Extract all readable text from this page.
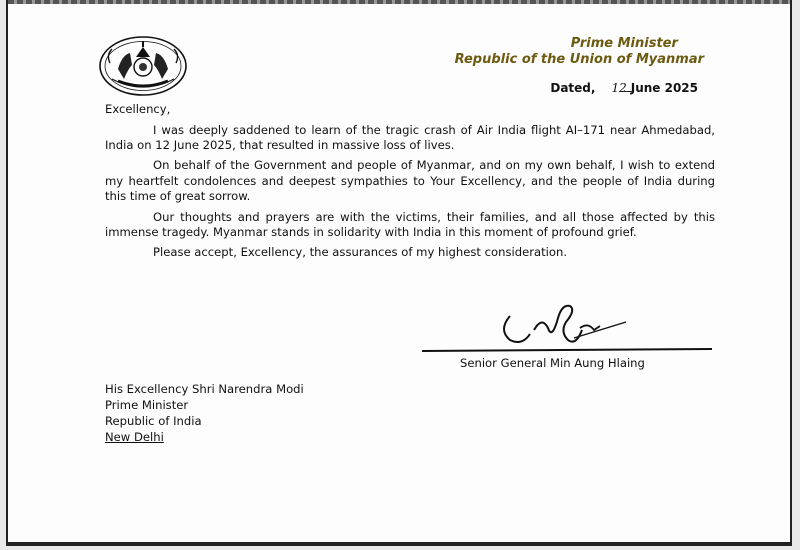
Prime Minister
Republic of the Union of Myanmar
Dated, 12 June 2025

Excellency,

I was deeply saddened to learn of the tragic crash of Air India flight AI–171 near Ahmedabad, India on 12 June 2025, that resulted in massive loss of lives.

On behalf of the Government and people of Myanmar, and on my own behalf, I wish to extend my heartfelt condolences and deepest sympathies to Your Excellency, and the people of India during this time of great sorrow.

Our thoughts and prayers are with the victims, their families, and all those affected by this immense tragedy. Myanmar stands in solidarity with India in this moment of profound grief.

Please accept, Excellency, the assurances of my highest consideration.

Senior General Min Aung Hlaing
His Excellency Shri Narendra Modi
Prime Minister
Republic of India
New Delhi
